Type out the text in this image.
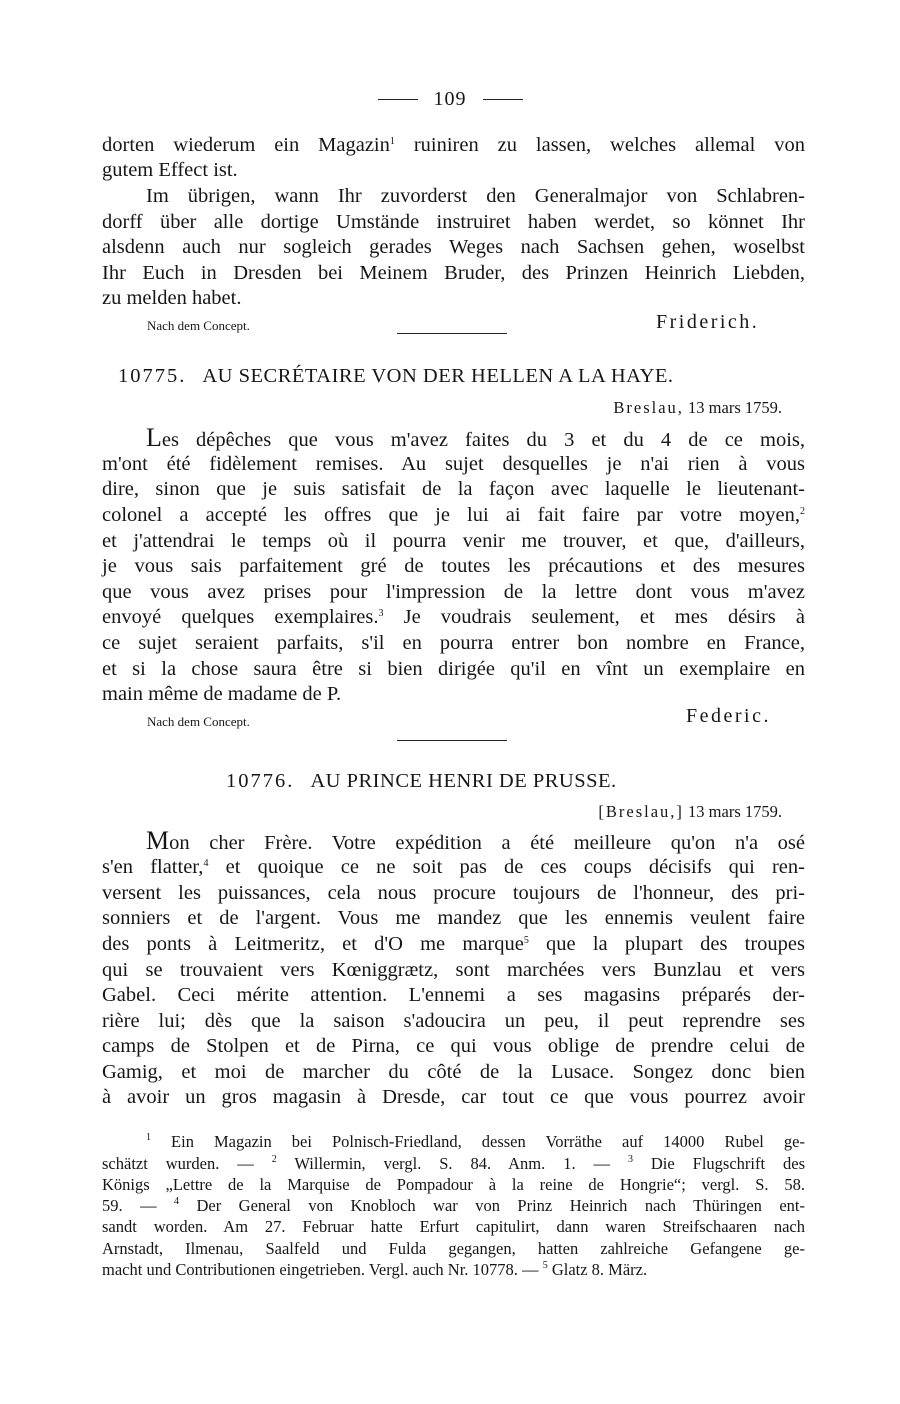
109
dorten wiederum ein Magazin$^1$ ruiniren zu lassen, welches allemal von
gutem Effect ist.
Im übrigen, wann Ihr zuvorderst den Generalmajor von Schlabren-
dorff über alle dortige Umstände instruiret haben werdet, so könnet Ihr
alsdenn auch nur sogleich gerades Weges nach Sachsen gehen, woselbst
Ihr Euch in Dresden bei Meinem Bruder, des Prinzen Heinrich Liebden,
zu melden habet.
Nach dem Concept.	Friderich.
10775. AU SECRÉTAIRE VON DER HELLEN A LA HAYE.
Breslau, 13 mars 1759.
Les dépêches que vous m'avez faites du 3 et du 4 de ce mois,
m'ont été fidèlement remises. Au sujet desquelles je n'ai rien à vous
dire, sinon que je suis satisfait de la façon avec laquelle le lieutenant-
colonel a accepté les offres que je lui ai fait faire par votre moyen,$^2$
et j'attendrai le temps où il pourra venir me trouver, et que, d'ailleurs,
je vous sais parfaitement gré de toutes les précautions et des mesures
que vous avez prises pour l'impression de la lettre dont vous m'avez
envoyé quelques exemplaires.$^3$ Je voudrais seulement, et mes désirs à
ce sujet seraient parfaits, s'il en pourra entrer bon nombre en France,
et si la chose saura être si bien dirigée qu'il en vînt un exemplaire en
main même de madame de P.
Nach dem Concept.	Federic.
10776. AU PRINCE HENRI DE PRUSSE.
[Breslau,] 13 mars 1759.
Mon cher Frère. Votre expédition a été meilleure qu'on n'a osé
s'en flatter,$^4$ et quoique ce ne soit pas de ces coups décisifs qui ren-
versent les puissances, cela nous procure toujours de l'honneur, des pri-
sonniers et de l'argent. Vous me mandez que les ennemis veulent faire
des ponts à Leitmeritz, et d'O me marque$^5$ que la plupart des troupes
qui se trouvaient vers Kœniggrætz, sont marchées vers Bunzlau et vers
Gabel. Ceci mérite attention. L'ennemi a ses magasins préparés der-
rière lui; dès que la saison s'adoucira un peu, il peut reprendre ses
camps de Stolpen et de Pirna, ce qui vous oblige de prendre celui de
Gamig, et moi de marcher du côté de la Lusace. Songez donc bien
à avoir un gros magasin à Dresde, car tout ce que vous pourrez avoir
$^1$ Ein Magazin bei Polnisch-Friedland, dessen Vorräthe auf 14000 Rubel ge-
schätzt wurden. — $^2$ Willermin, vergl. S. 84. Anm. 1. — $^3$ Die Flugschrift des
Königs „Lettre de la Marquise de Pompadour à la reine de Hongrie“; vergl. S. 58.
59. — $^4$ Der General von Knobloch war von Prinz Heinrich nach Thüringen ent-
sandt worden. Am 27. Februar hatte Erfurt capitulirt, dann waren Streifschaaren nach
Arnstadt, Ilmenau, Saalfeld und Fulda gegangen, hatten zahlreiche Gefangene ge-
macht und Contributionen eingetrieben. Vergl. auch Nr. 10778. — $^5$ Glatz 8. März.
